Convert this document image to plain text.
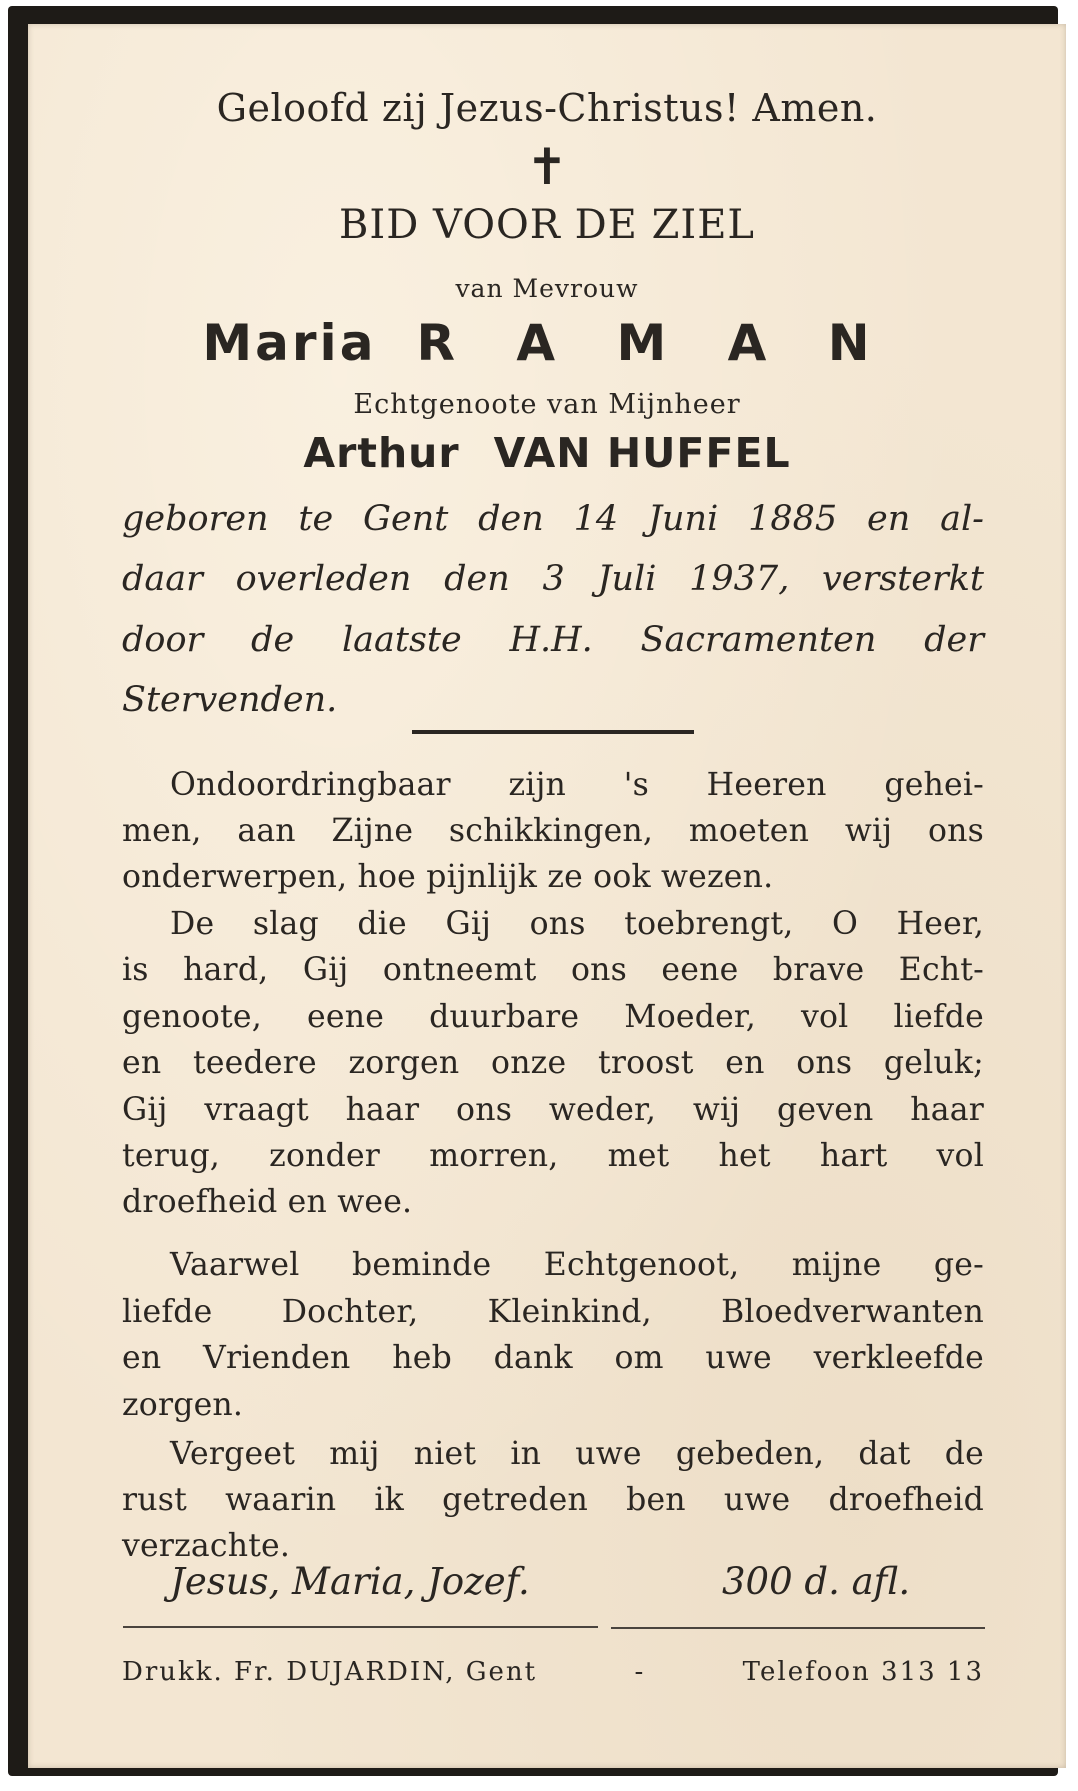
Geloofd zij Jezus-Christus! Amen.
✝
BID VOOR DE ZIEL
van Mevrouw
Maria R A M A N
Echtgenoote van Mijnheer
Arthur VAN HUFFEL
geboren te Gent den 14 Juni 1885 en al-
daar overleden den 3 Juli 1937, versterkt
door de laatste H.H. Sacramenten der
Stervenden.
Ondoordringbaar zijn 's Heeren gehei-
men, aan Zijne schikkingen, moeten wij ons
onderwerpen, hoe pijnlijk ze ook wezen.
De slag die Gij ons toebrengt, O Heer,
is hard, Gij ontneemt ons eene brave Echt-
genoote, eene duurbare Moeder, vol liefde
en teedere zorgen onze troost en ons geluk;
Gij vraagt haar ons weder, wij geven haar
terug, zonder morren, met het hart vol
droefheid en wee.
Vaarwel beminde Echtgenoot, mijne ge-
liefde Dochter, Kleinkind, Bloedverwanten
en Vrienden heb dank om uwe verkleefde
zorgen.
Vergeet mij niet in uwe gebeden, dat de
rust waarin ik getreden ben uwe droefheid
verzachte.
Jesus, Maria, Jozef.	300 d. afl.
Drukk. Fr. DUJARDIN, Gent	-	Telefoon 313 13
